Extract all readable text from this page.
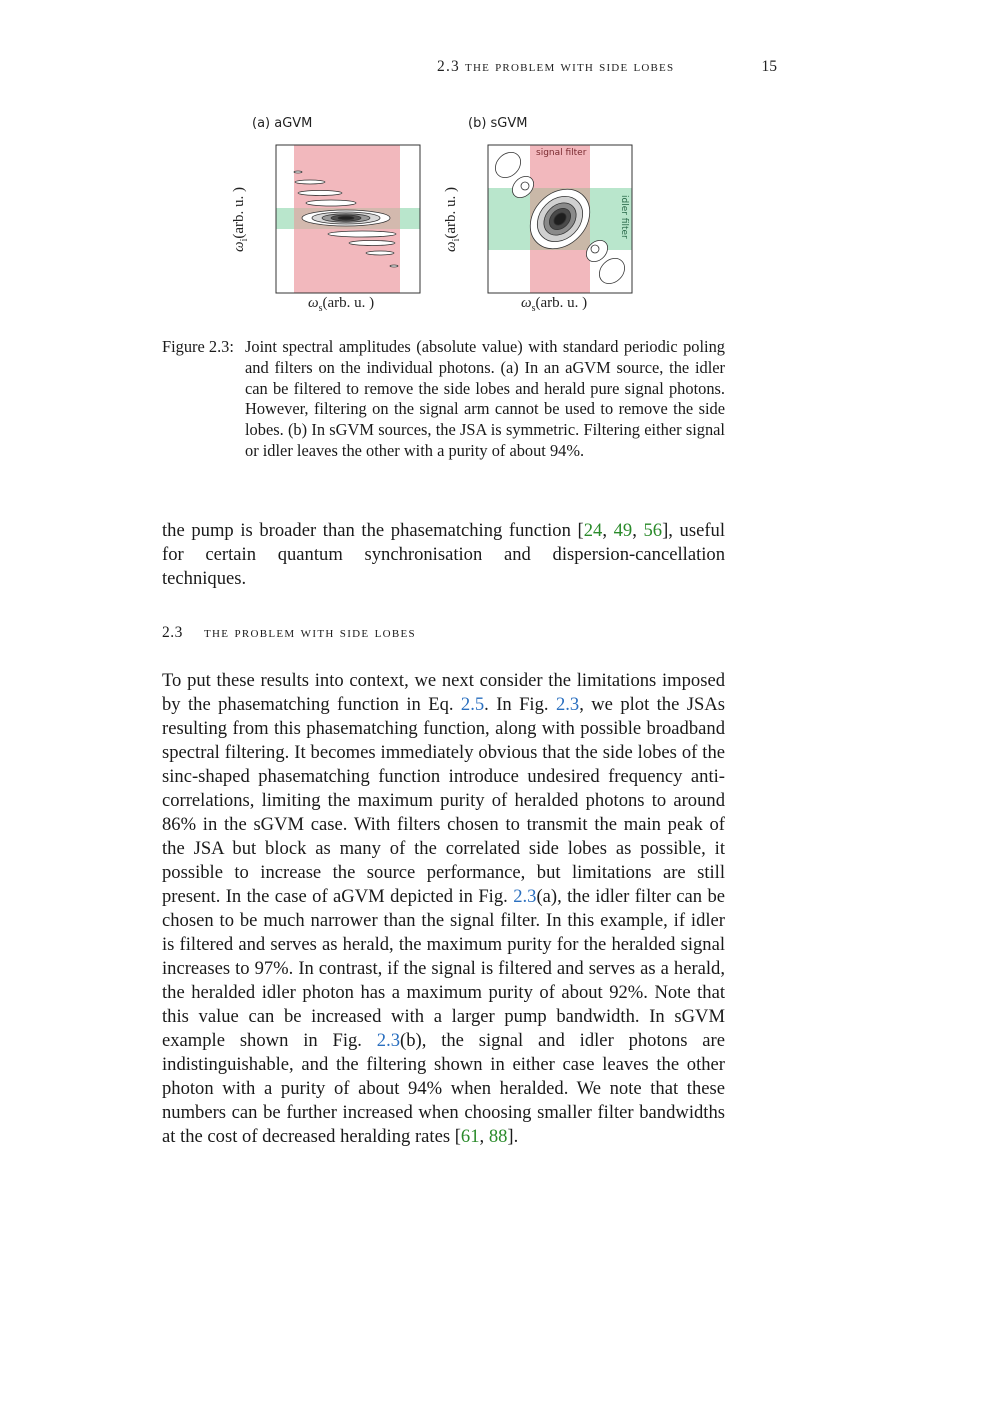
2.3 the problem with side lobes	15
(a) aGVM
$\omega_i(arb$. u. )
$\omega_s(arb$. u. )
(b) sGVM
signal filter
idler filter
$\omega_i(arb$. u. )
$\omega_s(arb$. u. )
Figure 2.3: Joint spectral amplitudes (absolute value) with standard periodic poling and filters on the individual photons. (a) In an aGVM source, the idler can be filtered to remove the side lobes and herald pure signal photons. However, filtering on the signal arm cannot be used to remove the side lobes. (b) In sGVM sources, the JSA is symmetric. Filtering either signal or idler leaves the other with a purity of about 94%.
the pump is broader than the phasematching function [24, 49, 56], useful for certain quantum synchronisation and dispersion-cancellation techniques.
2.3 the problem with side lobes
To put these results into context, we next consider the limitations imposed by the phasematching function in Eq. 2.5. In Fig. 2.3, we plot the JSAs resulting from this phasematching function, along with possible broadband spectral filtering. It becomes immediately obvious that the side lobes of the sinc-shaped phasematching function introduce undesired frequency anti-correlations, limiting the maximum purity of heralded photons to around 86% in the sGVM case. With filters chosen to transmit the main peak of the JSA but block as many of the correlated side lobes as possible, it possible to increase the source performance, but limitations are still present. In the case of aGVM depicted in Fig. 2.3(a), the idler filter can be chosen to be much narrower than the signal filter. In this example, if idler is filtered and serves as herald, the maximum purity for the heralded signal increases to 97%. In contrast, if the signal is filtered and serves as a herald, the heralded idler photon has a maximum purity of about 92%. Note that this value can be increased with a larger pump bandwidth. In sGVM example shown in Fig. 2.3(b), the signal and idler photons are indistinguishable, and the filtering shown in either case leaves the other photon with a purity of about 94% when heralded. We note that these numbers can be further increased when choosing smaller filter bandwidths at the cost of decreased heralding rates [61, 88].
